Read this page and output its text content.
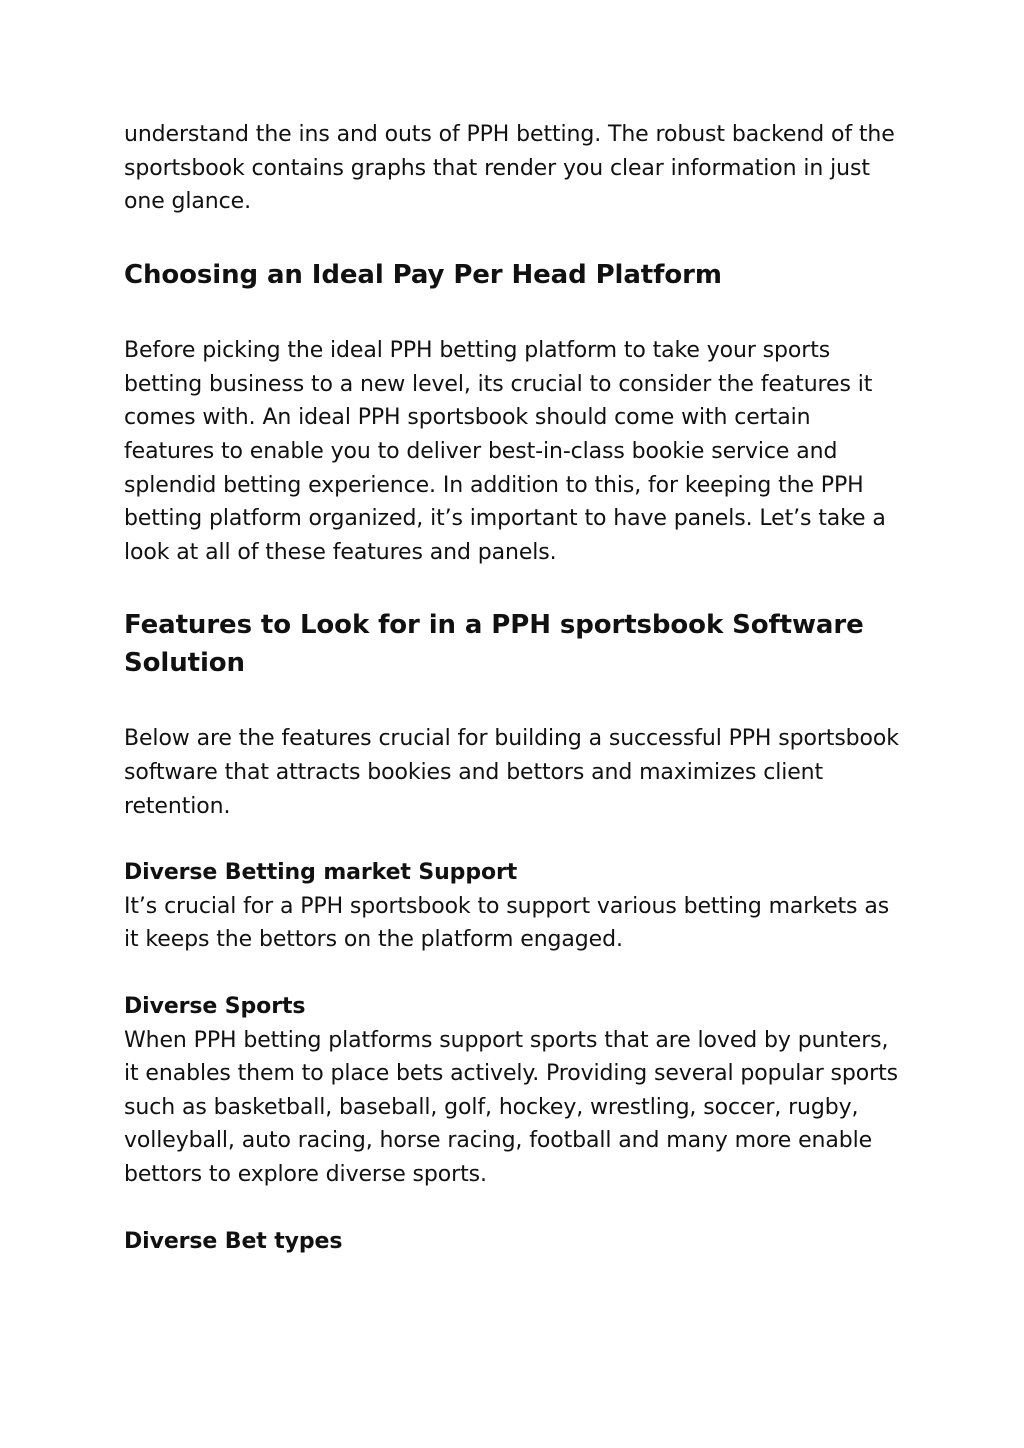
understand the ins and outs of PPH betting. The robust backend of the sportsbook contains graphs that render you clear information in just one glance.

Choosing an Ideal Pay Per Head Platform

Before picking the ideal PPH betting platform to take your sports betting business to a new level, its crucial to consider the features it comes with. An ideal PPH sportsbook should come with certain features to enable you to deliver best-in-class bookie service and splendid betting experience. In addition to this, for keeping the PPH betting platform organized, it’s important to have panels. Let’s take a look at all of these features and panels.

Features to Look for in a PPH sportsbook Software Solution

Below are the features crucial for building a successful PPH sportsbook software that attracts bookies and bettors and maximizes client retention.

Diverse Betting market Support

It’s crucial for a PPH sportsbook to support various betting markets as it keeps the bettors on the platform engaged.

Diverse Sports

When PPH betting platforms support sports that are loved by punters, it enables them to place bets actively. Providing several popular sports such as basketball, baseball, golf, hockey, wrestling, soccer, rugby, volleyball, auto racing, horse racing, football and many more enable bettors to explore diverse sports.

Diverse Bet types
